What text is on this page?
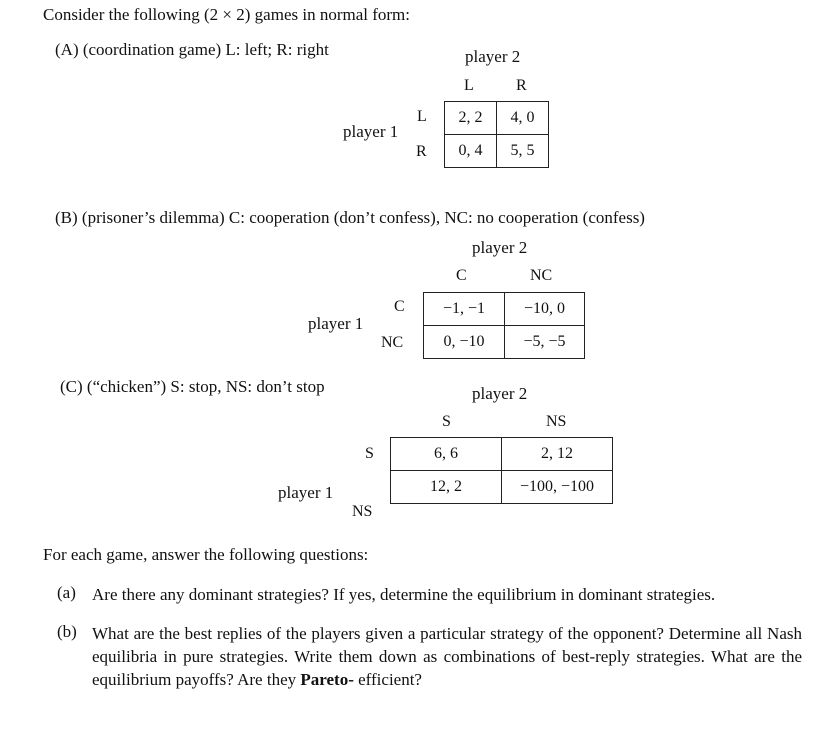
Consider the following (2 × 2) games in normal form:
(A) (coordination game) L: left; R: right	player 2
L	R
player 1
L
R
2, 2	4, 0
0, 4	5, 5
(B) (prisoner’s dilemma) C: cooperation (don’t confess), NC: no cooperation (confess)
player 2
C	NC
player 1
C
NC
−1, −1	−10, 0
0, −10	−5, −5
(C) (“chicken”) S: stop, NS: don’t stop	player 2
S	NS
player 1
S
NS
6, 6	2, 12
12, 2	−100, −100
For each game, answer the following questions:
(a) Are there any dominant strategies? If yes, determine the equilibrium in dominant strategies.
(b) What are the best replies of the players given a particular strategy of the opponent? Determine all Nash equilibria in pure strategies. Write them down as combinations of best-reply strategies. What are the equilibrium payoffs? Are they Pareto- efficient?
